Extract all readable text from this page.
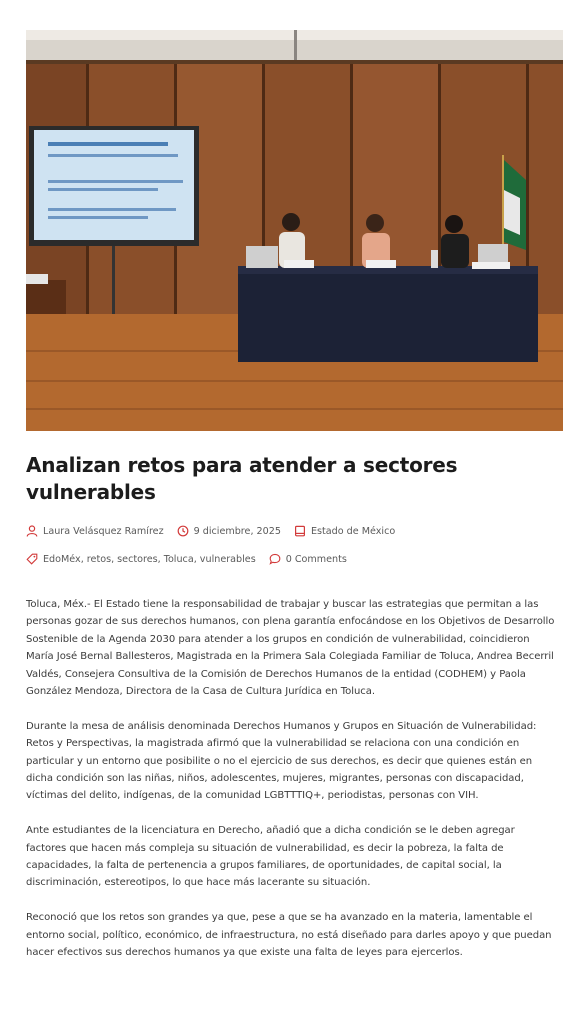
Analizan retos para atender a sectores vulnerables
Laura Velásquez Ramírez	9 diciembre, 2025	Estado de México
EdoMéx, retos, sectores, Toluca, vulnerables	0 Comments

Toluca, Méx.- El Estado tiene la responsabilidad de trabajar y buscar las estrategias que permitan a las personas gozar de sus derechos humanos, con plena garantía enfocándose en los Objetivos de Desarrollo Sostenible de la Agenda 2030 para atender a los grupos en condición de vulnerabilidad, coincidieron María José Bernal Ballesteros, Magistrada en la Primera Sala Colegiada Familiar de Toluca, Andrea Becerril Valdés, Consejera Consultiva de la Comisión de Derechos Humanos de la entidad (CODHEM) y Paola González Mendoza, Directora de la Casa de Cultura Jurídica en Toluca.

Durante la mesa de análisis denominada Derechos Humanos y Grupos en Situación de Vulnerabilidad: Retos y Perspectivas, la magistrada afirmó que la vulnerabilidad se relaciona con una condición en particular y un entorno que posibilite o no el ejercicio de sus derechos, es decir que quienes están en dicha condición son las niñas, niños, adolescentes, mujeres, migrantes, personas con discapacidad, víctimas del delito, indígenas, de la comunidad LGBTTTIQ+, periodistas, personas con VIH.

Ante estudiantes de la licenciatura en Derecho, añadió que a dicha condición se le deben agregar factores que hacen más compleja su situación de vulnerabilidad, es decir la pobreza, la falta de capacidades, la falta de pertenencia a grupos familiares, de oportunidades, de capital social, la discriminación, estereotipos, lo que hace más lacerante su situación.

Reconoció que los retos son grandes ya que, pese a que se ha avanzado en la materia, lamentable el entorno social, político, económico, de infraestructura, no está diseñado para darles apoyo y que puedan hacer efectivos sus derechos humanos ya que existe una falta de leyes para ejercerlos.
